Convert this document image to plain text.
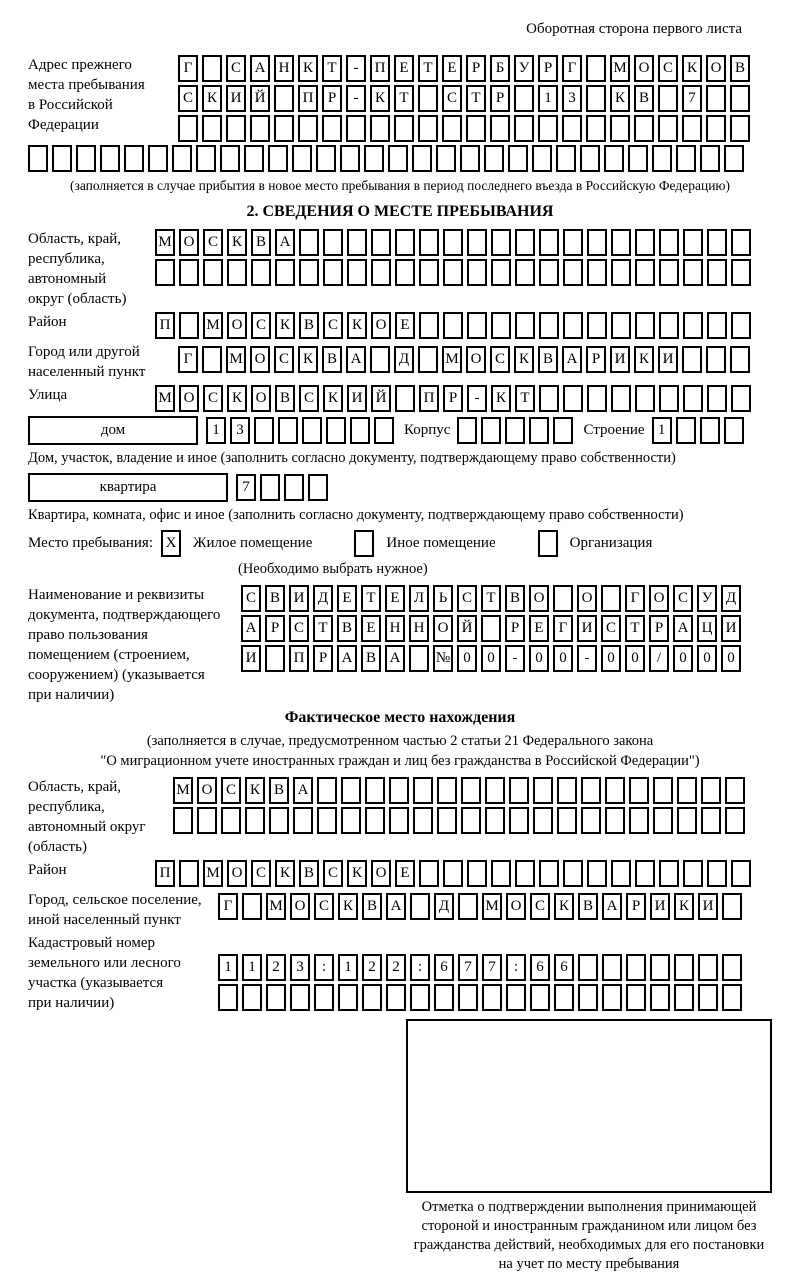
Оборотная сторона первого листа
Адрес прежнего
места пребывания
в Российской
Федерации
Г	С А Н К Т	-	П Е Т Е	Р	Б У Р	Г	М О С К О В
С К И Й	П Р	-	К Т	С Т	Р	1	3	К В	7
(заполняется в случае прибытия в новое место пребывания в период последнего въезда в Российскую Федерацию)
2. СВЕДЕНИЯ О МЕСТЕ ПРЕБЫВАНИЯ
Область, край,
республика,
автономный
округ (область)
М О С К В А
Район	П	М О С К В С К О Е
Город или другой
населенный пункт
Г	М О С К В А	Д	М О С К В А Р И К И
Улица	М О С К О В С К И Й	П Р	-	К Т
дом	1	3	Корпус	Строение 1
Дом, участок, владение и иное (заполнить согласно документу, подтверждающему право собственности)
квартира	7
Квартира, комната, офис и иное (заполнить согласно документу, подтверждающему право собственности)
Место пребывания: X	Жилое помещение	Иное помещение	Организация
(Необходимо выбрать нужное)
Наименование и реквизиты
документа, подтверждающего
право пользования
помещением (строением,
сооружением) (указывается
при наличии)
С В И Д Е Т Е Л Ь С Т В О	О	Г О С У Д
А Р С Т В Е Н Н О Й	Р	Е	Г И С Т	Р А Ц И
И	П Р А В А	№ 0	0	-	0	0	-	0	0	/	0	0	0
Фактическое место нахождения
(заполняется в случае, предусмотренном частью 2 статьи 21 Федерального закона
"О миграционном учете иностранных граждан и лиц без гражданства в Российской Федерации")
Область, край,
республика,
автономный округ
(область)
М О С К В А
Район	П	М О С К В С К О Е
Город, сельское поселение,
иной населенный пункт
Г	М О С К В А	Д	М О С К В А Р И К И
Кадастровый номер
земельного или лесного
участка (указывается
при наличии)
1	1	2	3	:	1	2	2	:	6	7	7	:	6	6
Отметка о подтверждении выполнения принимающей
стороной и иностранным гражданином или лицом без
гражданства действий, необходимых для его постановки
на учет по месту пребывания
